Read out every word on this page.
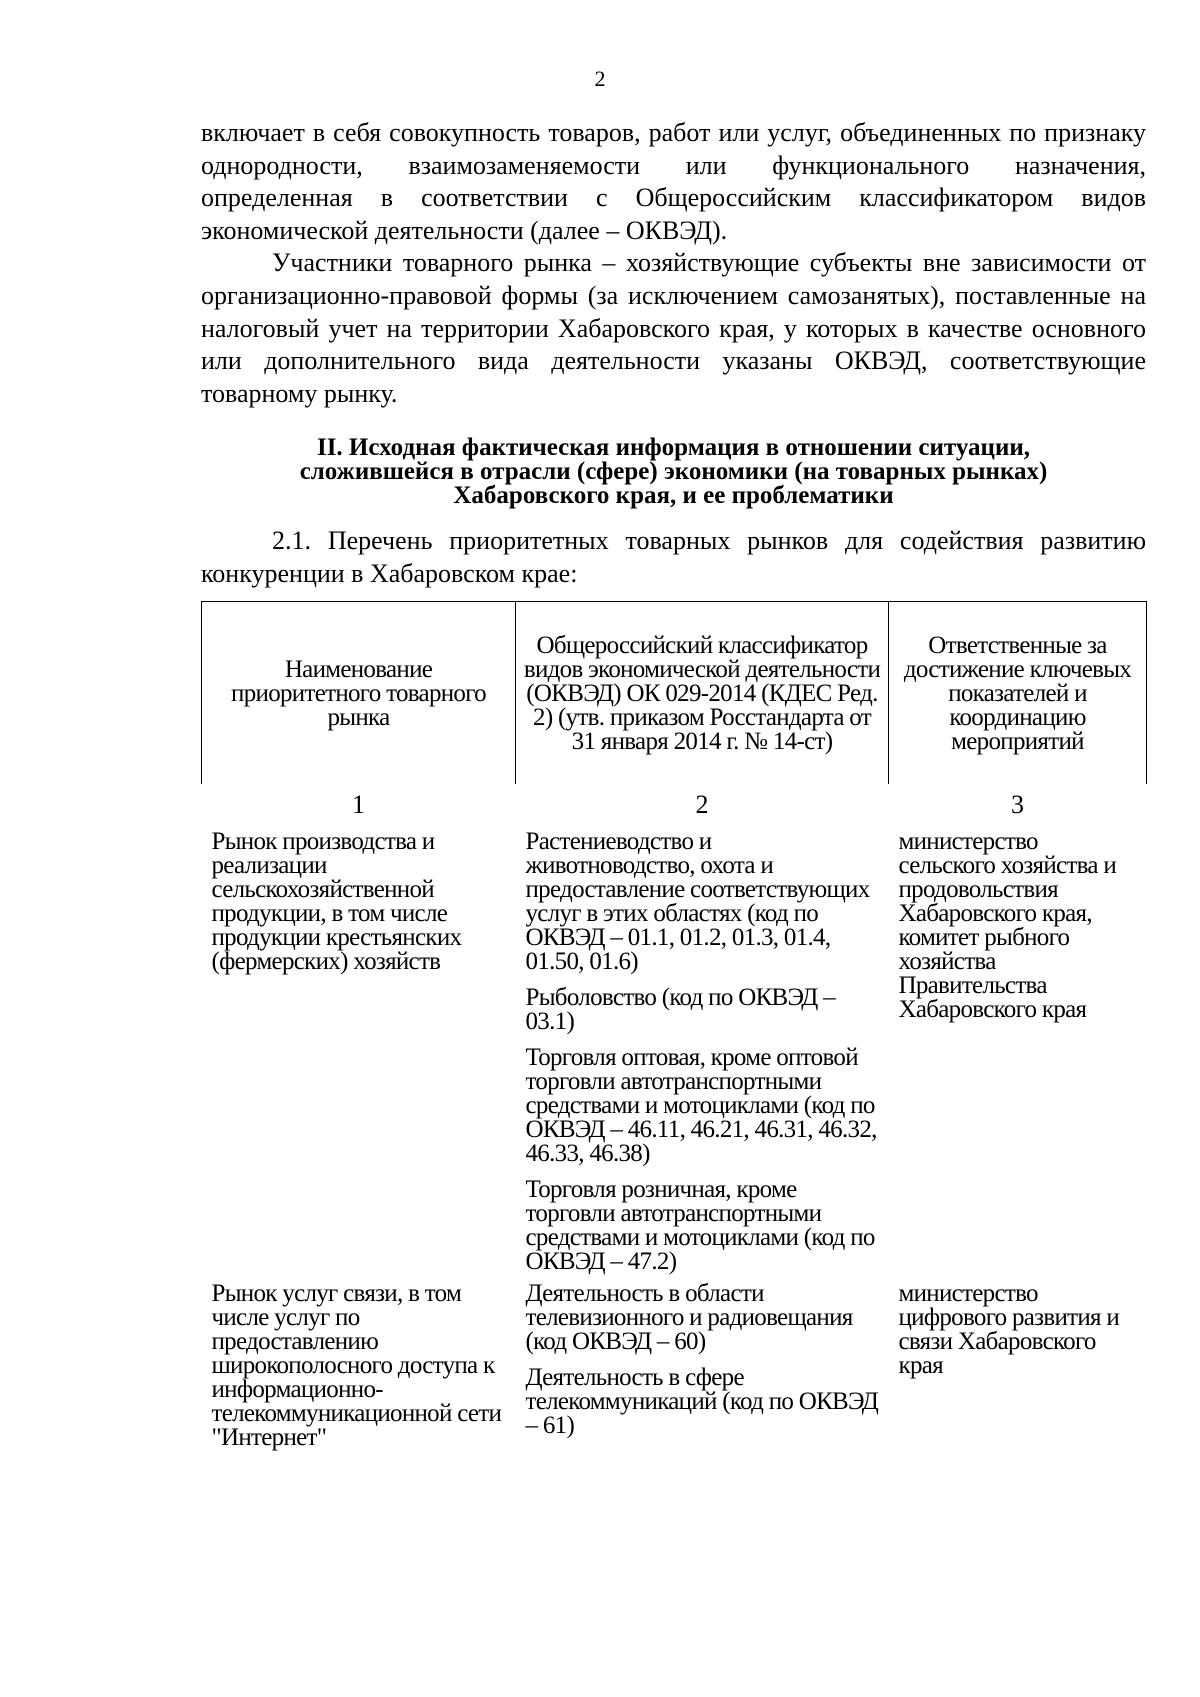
2

включает в себя совокупность товаров, работ или услуг, объединенных по признаку однородности, взаимозаменяемости или функционального назначения, определенная в соответствии с Общероссийским классификатором видов экономической деятельности (далее – ОКВЭД).

Участники товарного рынка – хозяйствующие субъекты вне зависимости от организационно-правовой формы (за исключением самозанятых), поставленные на налоговый учет на территории Хабаровского края, у которых в качестве основного или дополнительного вида деятельности указаны ОКВЭД, соответствующие товарному рынку.

II. Исходная фактическая информация в отношении ситуации,
сложившейся в отрасли (сфере) экономики (на товарных рынках)
Хабаровского края, и ее проблематики

2.1. Перечень приоритетных товарных рынков для содействия развитию конкуренции в Хабаровском крае:

Наименование приоритетного товарного рынка	Общероссийский классификатор видов экономической деятельности (ОКВЭД) ОК 029-2014 (КДЕС Ред. 2) (утв. приказом Росстандарта от 31 января 2014 г. № 14-ст)	Ответственные за достижение ключевых показателей и координацию мероприятий
1	2	3
Рынок производства и реализации сельскохозяйственной продукции, в том числе продукции крестьянских (фермерских) хозяйств	Растениеводство и животноводство, охота и предоставление соответствующих услуг в этих областях (код по ОКВЭД – 01.1, 01.2, 01.3, 01.4, 01.50, 01.6)

Рыболовство (код по ОКВЭД – 03.1)

Торговля оптовая, кроме оптовой торговли автотранспортными средствами и мотоциклами (код по ОКВЭД – 46.11, 46.21, 46.31, 46.32, 46.33, 46.38)

Торговля розничная, кроме торговли автотранспортными средствами и мотоциклами (код по ОКВЭД – 47.2)	министерство сельского хозяйства и продовольствия Хабаровского края, комитет рыбного хозяйства Правительства Хабаровского края
Рынок услуг связи, в том числе услуг по предоставлению широкополосного доступа к информационно-телекоммуникационной сети "Интернет"	Деятельность в области телевизионного и радиовещания (код ОКВЭД – 60)

Деятельность в сфере телекоммуникаций (код по ОКВЭД – 61)	министерство цифрового развития и связи Хабаровского края
